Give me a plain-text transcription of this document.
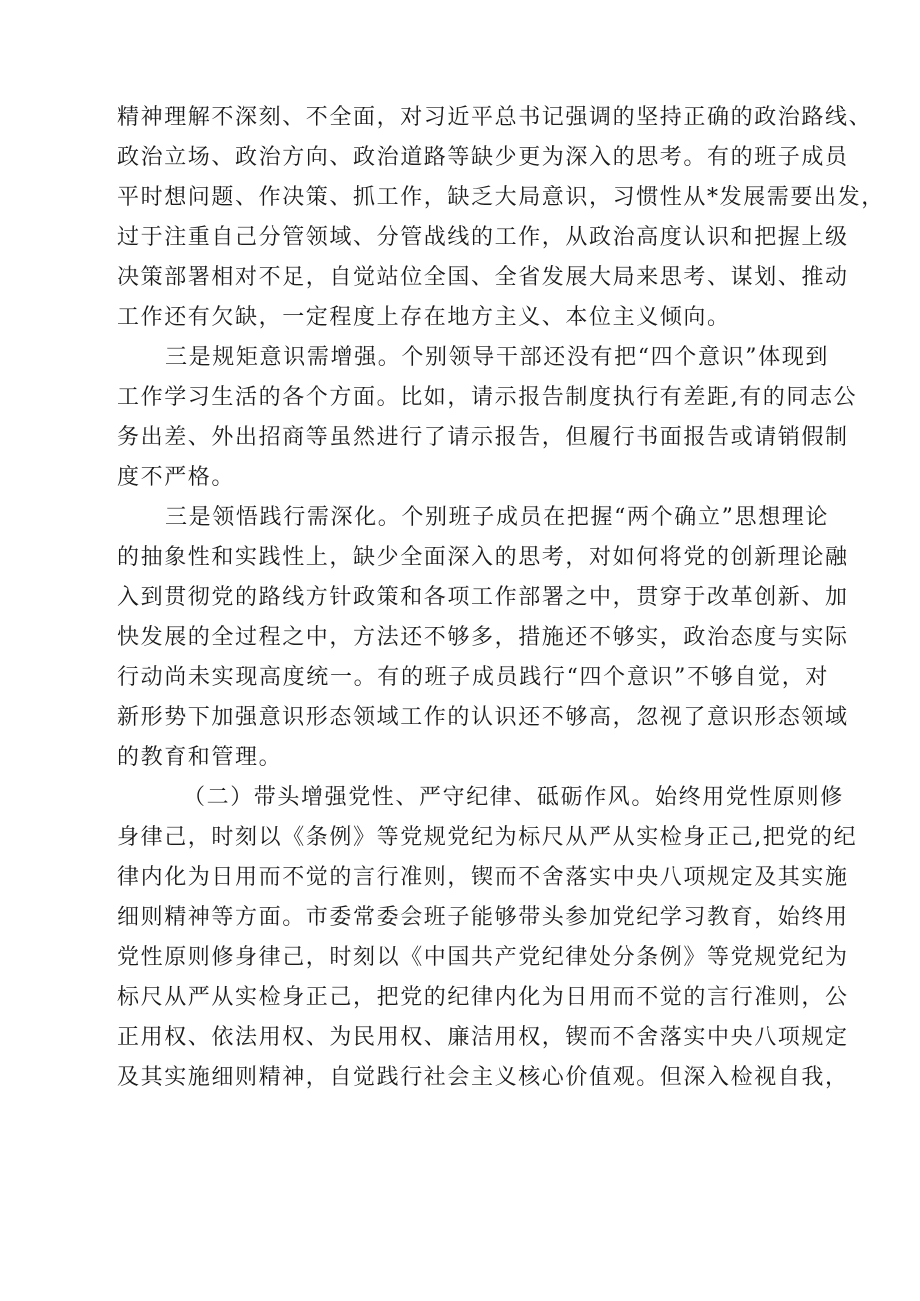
精神理解不深刻、不全面，对习近平总书记强调的坚持正确的政治路线、
政治立场、政治方向、政治道路等缺少更为深入的思考。有的班子成员
平时想问题、作决策、抓工作，缺乏大局意识，习惯性从*发展需要出发，
过于注重自己分管领域、分管战线的工作，从政治高度认识和把握上级
决策部署相对不足，自觉站位全国、全省发展大局来思考、谋划、推动
工作还有欠缺，一定程度上存在地方主义、本位主义倾向。
三是规矩意识需增强。个别领导干部还没有把“四个意识”体现到
工作学习生活的各个方面。比如，请示报告制度执行有差距,有的同志公
务出差、外出招商等虽然进行了请示报告，但履行书面报告或请销假制
度不严格。
三是领悟践行需深化。个别班子成员在把握“两个确立”思想理论
的抽象性和实践性上，缺少全面深入的思考，对如何将党的创新理论融
入到贯彻党的路线方针政策和各项工作部署之中，贯穿于改革创新、加
快发展的全过程之中，方法还不够多，措施还不够实，政治态度与实际
行动尚未实现高度统一。有的班子成员践行“四个意识”不够自觉，对
新形势下加强意识形态领域工作的认识还不够高，忽视了意识形态领域
的教育和管理。
（二）带头增强党性、严守纪律、砥砺作风。始终用党性原则修
身律己，时刻以《条例》等党规党纪为标尺从严从实检身正己,把党的纪
律内化为日用而不觉的言行准则，锲而不舍落实中央八项规定及其实施
细则精神等方面。市委常委会班子能够带头参加党纪学习教育，始终用
党性原则修身律己，时刻以《中国共产党纪律处分条例》等党规党纪为
标尺从严从实检身正己，把党的纪律内化为日用而不觉的言行准则，公
正用权、依法用权、为民用权、廉洁用权，锲而不舍落实中央八项规定
及其实施细则精神，自觉践行社会主义核心价值观。但深入检视自我，
